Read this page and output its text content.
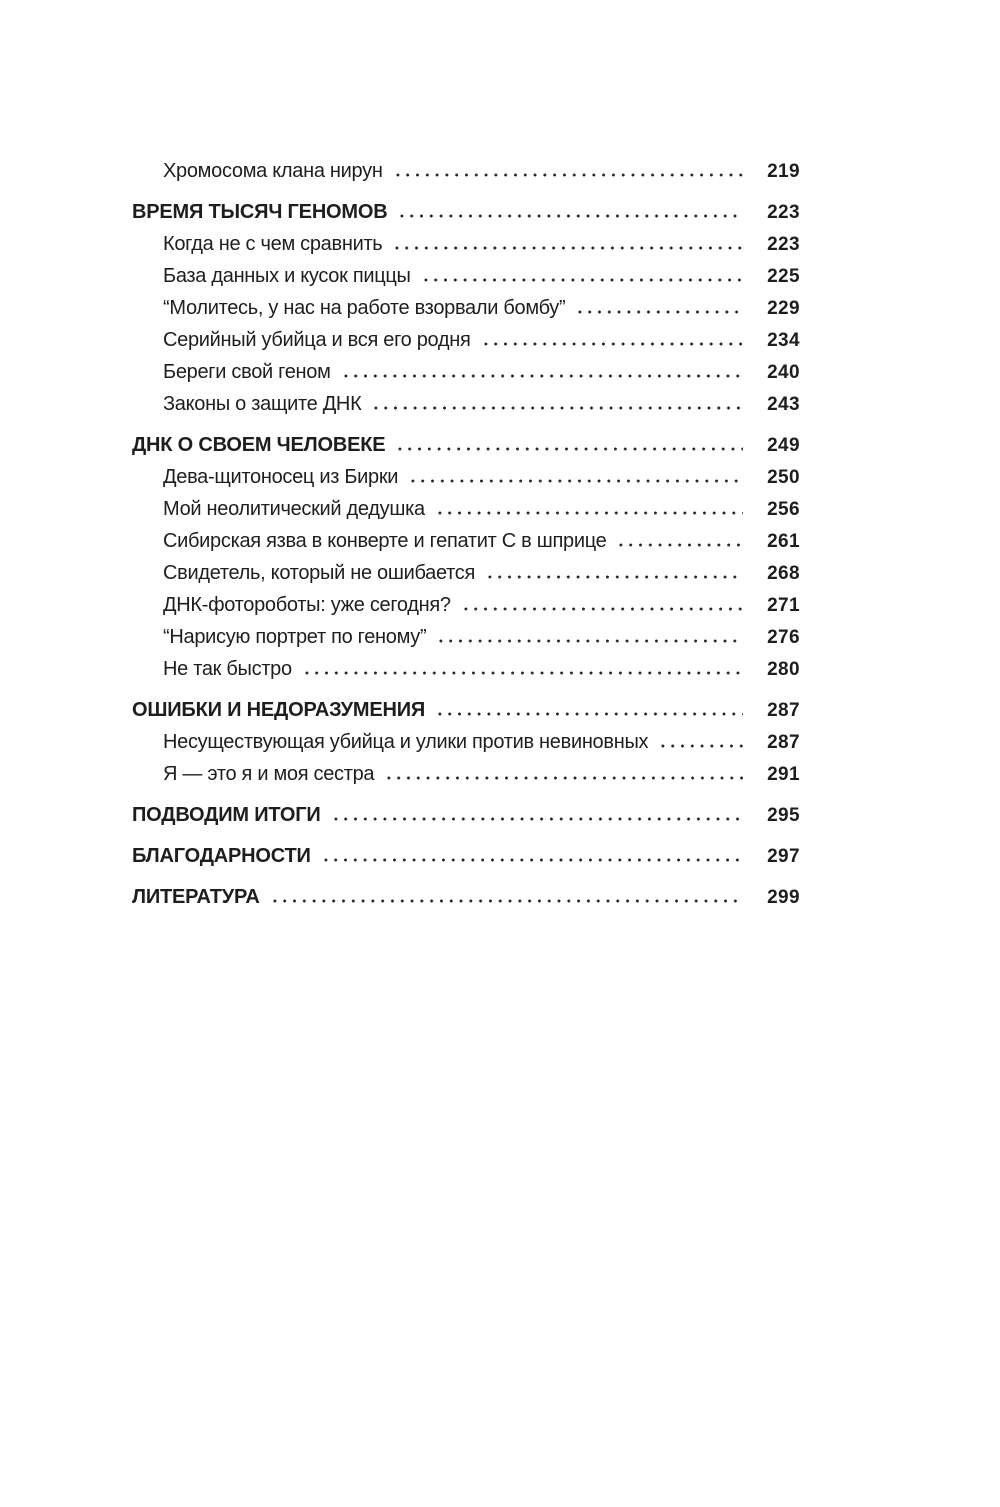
Хромосома клана нирун	219
ВРЕМЯ ТЫСЯЧ ГЕНОМОВ	223
Когда не с чем сравнить	223
База данных и кусок пиццы	225
“Молитесь, у нас на работе взорвали бомбу”	229
Серийный убийца и вся его родня	234
Береги свой геном	240
Законы о защите ДНК	243
ДНК О СВОЕМ ЧЕЛОВЕКЕ	249
Дева-щитоносец из Бирки	250
Мой неолитический дедушка	256
Сибирская язва в конверте и гепатит С в шприце	261
Свидетель, который не ошибается	268
ДНК-фотороботы: уже сегодня?	271
“Нарисую портрет по геному”	276
Не так быстро	280
ОШИБКИ И НЕДОРАЗУМЕНИЯ	287
Несуществующая убийца и улики против невиновных	287
Я — это я и моя сестра	291
ПОДВОДИМ ИТОГИ	295
БЛАГОДАРНОСТИ	297
ЛИТЕРАТУРА	299
